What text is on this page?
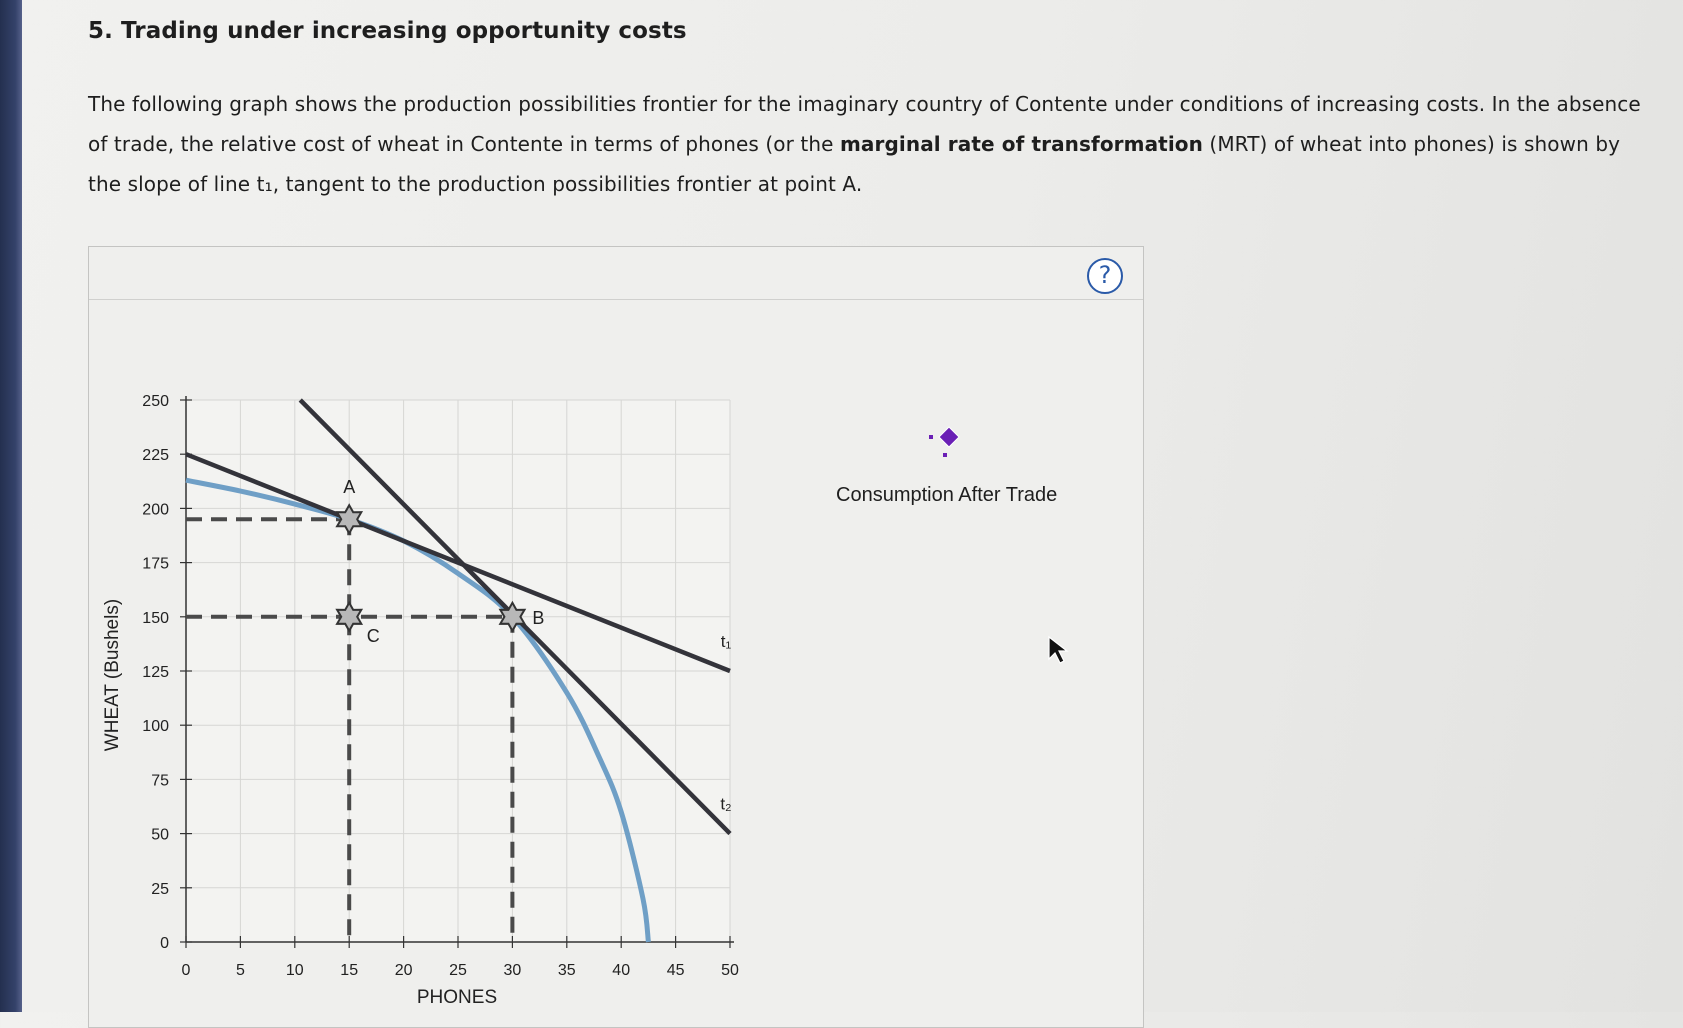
5. Trading under increasing opportunity costs

The following graph shows the production possibilities frontier for the imaginary country of Contente under conditions of increasing costs. In the absence of trade, the relative cost of wheat in Contente in terms of phones (or the marginal rate of transformation (MRT) of wheat into phones) is shown by the slope of line t₁, tangent to the production possibilities frontier at point A.

?
0	5	10 15 20 25 30 35 40 45 50
0
25
50
75
100
125
150
175
200
225
250
t₁
t₂
A
B
C
PHONES
WHEAT (Bushels)
Consumption After Trade
